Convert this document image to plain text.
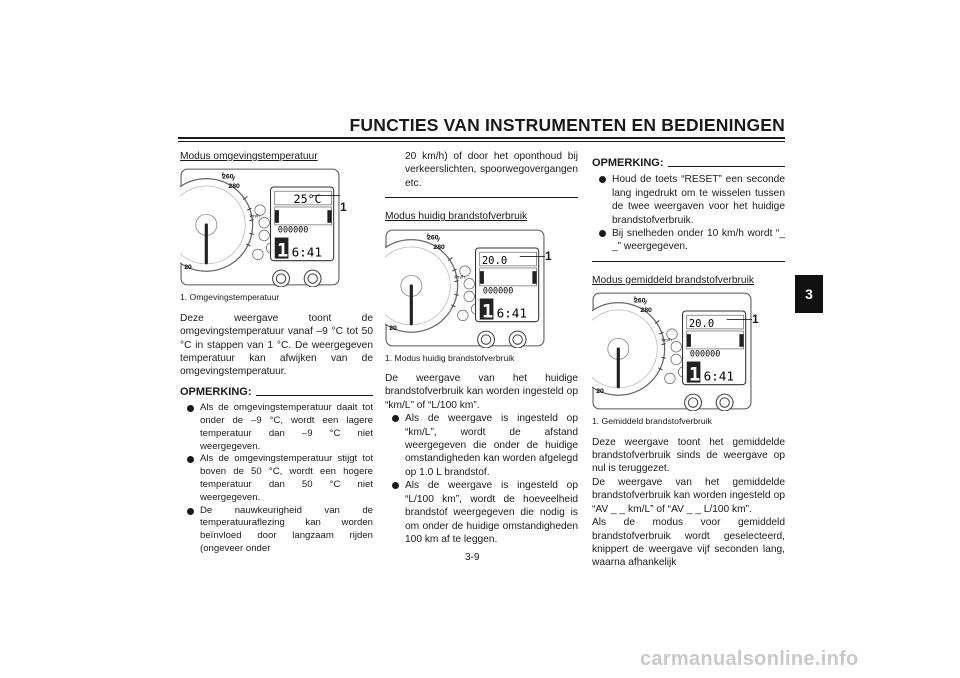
FUNCTIES VAN INSTRUMENTEN EN BEDIENINGEN
3
Modus omgevingstemperatuur
25°C
000000
1 6:41
260
280
20
km/h
1
1. Omgevingstemperatuur

Deze weergave toont de omgevingstemperatuur vanaf –9 °C tot 50 °C in stappen van 1 °C. De weergegeven temperatuur kan afwijken van de omgevingstemperatuur.

OPMERKING:
Als de omgevingstemperatuur daalt tot onder de –9 °C, wordt een lagere temperatuur dan –9 °C niet weergegeven.
Als de omgevingstemperatuur stijgt tot boven de 50 °C, wordt een hogere temperatuur dan 50 °C niet weergegeven.
De nauwkeurigheid van de temperatuuraflezing kan worden beïnvloed door langzaam rijden (ongeveer onder

20 km/h) of door het oponthoud bij verkeerslichten, spoorwegovergangen etc.

Modus huidig brandstofverbruik
20.0
000000
1 6:41
260
280
20
km/h
1
1. Modus huidig brandstofverbruik

De weergave van het huidige brandstofverbruik kan worden ingesteld op “km/L” of “L/100 km”.

Als de weergave is ingesteld op “km/L”, wordt de afstand weergegeven die onder de huidige omstandigheden kan worden afgelegd op 1.0 L brandstof.
Als de weergave is ingesteld op “L/100 km”, wordt de hoeveelheid brandstof weergegeven die nodig is om onder de huidige omstandigheden 100 km af te leggen.
OPMERKING:
Houd de toets “RESET” een seconde lang ingedrukt om te wisselen tussen de twee weergaven voor het huidige brandstofverbruik.
Bij snelheden onder 10 km/h wordt “_ _” weergegeven.
Modus gemiddeld brandstofverbruik
20.0
000000
1 6:41
260
280
20
km/h
1
1. Gemiddeld brandstofverbruik

Deze weergave toont het gemiddelde brandstofverbruik sinds de weergave op nul is teruggezet.

De weergave van het gemiddelde brandstofverbruik kan worden ingesteld op “AV _ _ km/L” of “AV _ _ L/100 km”.

Als de modus voor gemiddeld brandstofverbruik wordt geselecteerd, knippert de weergave vijf seconden lang, waarna afhankelijk

3-9
carmanualsonline.info
